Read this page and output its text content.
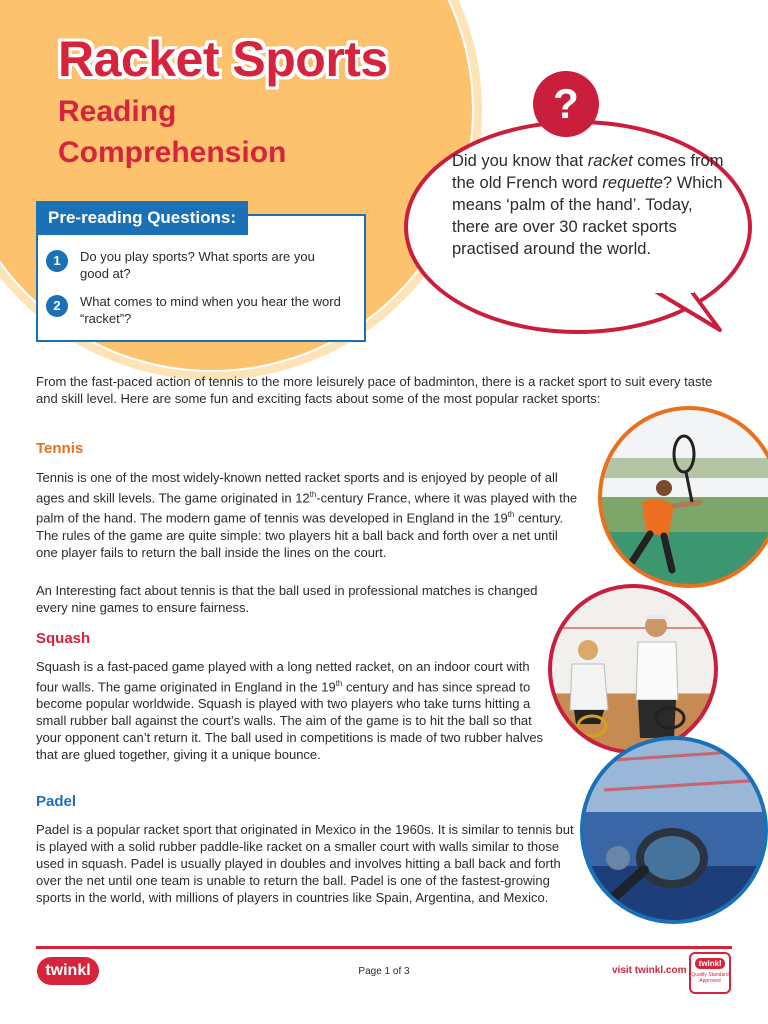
Racket Sports
Reading
Comprehension
Pre-reading Questions:
1	Do you play sports? What sports are you good at?
2	What comes to mind when you hear the word “racket”?
?
Did you know that racket comes from the old French word requette? Which means ‘palm of the hand’. Today, there are over 30 racket sports practised around the world.

From the fast-paced action of tennis to the more leisurely pace of badminton, there is a racket sport to suit every taste and skill level. Here are some fun and exciting facts about some of the most popular racket sports:

Tennis

Tennis is one of the most widely-known netted racket sports and is enjoyed by people of all ages and skill levels. The game originated in 12th-century France, where it was played with the palm of the hand. The modern game of tennis was developed in England in the 19th century. The rules of the game are quite simple: two players hit a ball back and forth over a net until one player fails to return the ball inside the lines on the court.

An Interesting fact about tennis is that the ball used in professional matches is changed every nine games to ensure fairness.

Squash

Squash is a fast-paced game played with a long netted racket, on an indoor court with four walls. The game originated in England in the 19th century and has since spread to become popular worldwide. Squash is played with two players who take turns hitting a small rubber ball against the court's walls. The aim of the game is to hit the ball so that your opponent can’t return it. The ball used in competitions is made of two rubber halves that are glued together, giving it a unique bounce.

Padel

Padel is a popular racket sport that originated in Mexico in the 1960s. It is similar to tennis but is played with a solid rubber paddle-like racket on a smaller court with walls similar to those used in squash. Padel is usually played in doubles and involves hitting a ball back and forth over the net until one team is unable to return the ball. Padel is one of the fastest-growing sports in the world, with millions of players in countries like Spain, Argentina, and Mexico.

twinkl	Page 1 of 3	visit twinkl.com
twinkl
Quality Standard Approved
